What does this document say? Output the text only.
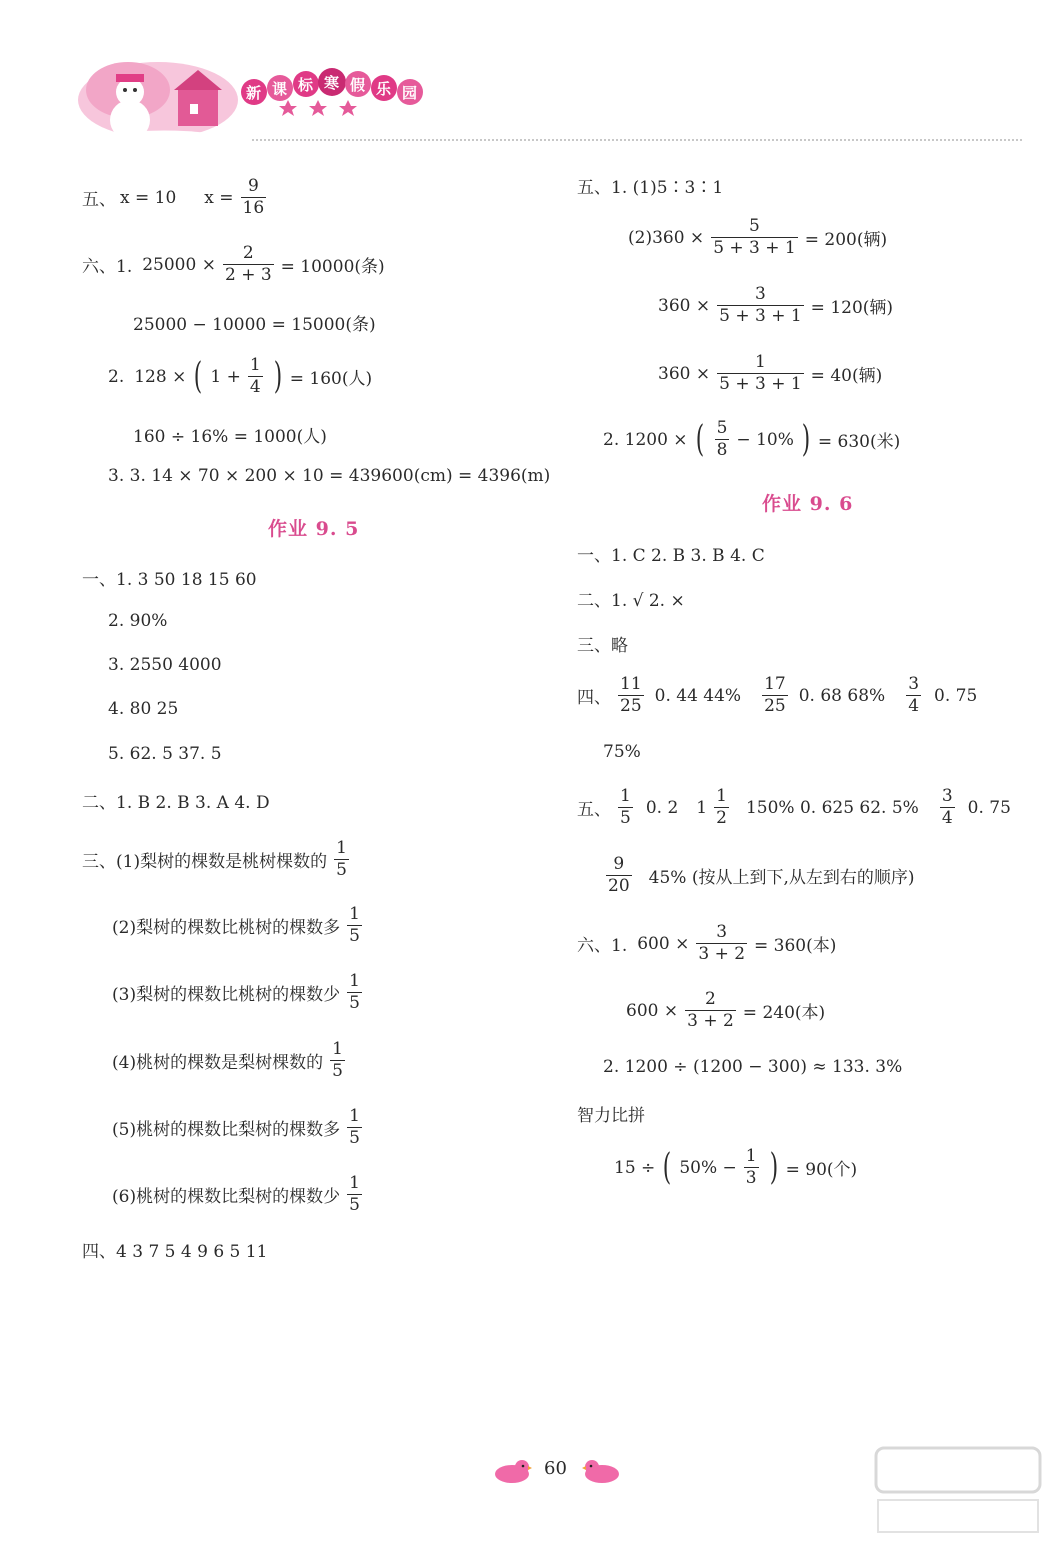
新 课 标 寒 假 乐 园
五、 x = 10 $x = \frac{9}{16}$
六、1. $25000 \times \frac{2}{2 + 3} = 10000$(条)
25000 − 10000 = 15000(条)
2. 128 × ( $1 + \frac{1}{4}$ ) = 160(人)
160 ÷ 16% = 1000(人)
3. 3. 14 × 70 × 200 × 10 = 439600(cm) = 4396(m)
作业 9. 5
一、1. 3 50 18 15 60
2. 90%
3. 2550 4000
4. 80 25
5. 62. 5 37. 5
二、1. B 2. B 3. A 4. D
三、(1)梨树的棵数是桃树棵数的 $\frac{1}{5}$
(2)梨树的棵数比桃树的棵数多 $\frac{1}{5}$
(3)梨树的棵数比桃树的棵数少 $\frac{1}{5}$
(4)桃树的棵数是梨树棵数的 $\frac{1}{5}$
(5)桃树的棵数比梨树的棵数多 $\frac{1}{5}$
(6)桃树的棵数比梨树的棵数少 $\frac{1}{5}$
四、4 3 7 5 4 9 6 5 11
五、1. (1)5∶3∶1
$(2)360 \times \frac{5}{5 + 3 + 1} = 200$(辆)
$360 \times \frac{3}{5 + 3 + 1} = 120$(辆)
$360 \times \frac{1}{5 + 3 + 1} = 40$(辆)
2. 1200 × ( $\frac{5}{8} - 10\%$ ) = 630(米)
作业 9. 6
一、1. C 2. B 3. B 4. C
二、1. √ 2. ×
三、略
四、 $\frac{11}{25} 0$. 44 $44\% \frac{17}{25} 0$. 68 $68\% \frac{3}{4} 0$. 75
75%
五、 $\frac{1}{5} 0$. 2 $1 \frac{1}{2} 150\%$ 0. 625 62. $5\% \frac{3}{4} 0$. 75
$\frac{9}{20} 45\%$ (按从上到下,从左到右的顺序)
六、1. $600 \times \frac{3}{3 + 2} = 360$(本)
$600 \times \frac{2}{3 + 2} = 240$(本)
2. 1200 ÷ (1200 − 300) ≈ 133. 3%
智力比拼
15 ÷ ( $50\% - \frac{1}{3}$ ) = 90(个)
60
